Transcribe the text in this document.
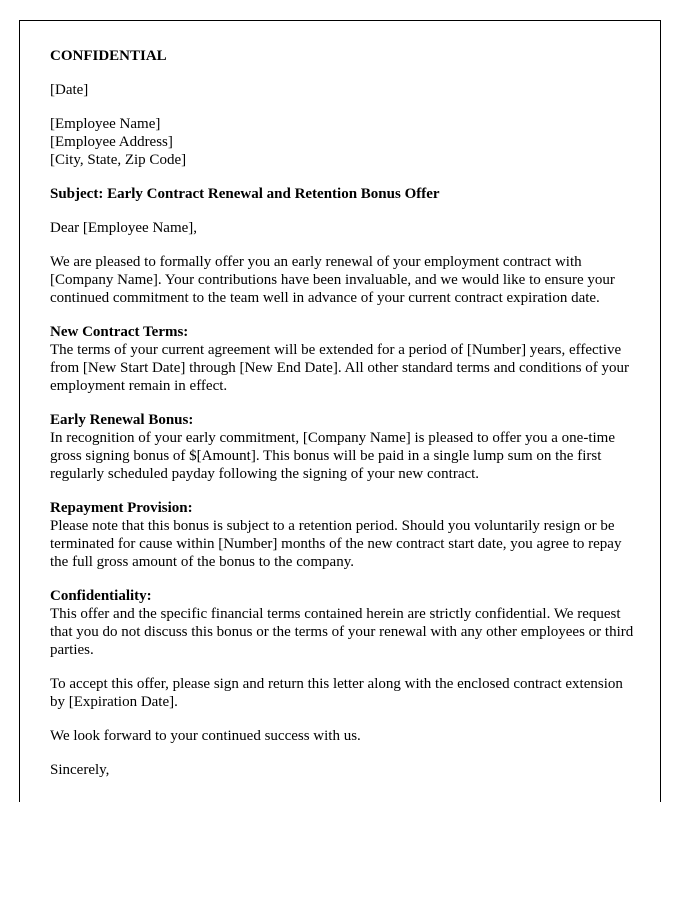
CONFIDENTIAL

[Date]

[Employee Name]
[Employee Address]
[City, State, Zip Code]

Subject: Early Contract Renewal and Retention Bonus Offer

Dear [Employee Name],

We are pleased to formally offer you an early renewal of your employment contract with [Company Name]. Your contributions have been invaluable, and we would like to ensure your continued commitment to the team well in advance of your current contract expiration date.

New Contract Terms:
The terms of your current agreement will be extended for a period of [Number] years, effective from [New Start Date] through [New End Date]. All other standard terms and conditions of your employment remain in effect.
Early Renewal Bonus:
In recognition of your early commitment, [Company Name] is pleased to offer you a one-time gross signing bonus of $[Amount]. This bonus will be paid in a single lump sum on the first regularly scheduled payday following the signing of your new contract.
Repayment Provision:
Please note that this bonus is subject to a retention period. Should you voluntarily resign or be terminated for cause within [Number] months of the new contract start date, you agree to repay the full gross amount of the bonus to the company.
Confidentiality:
This offer and the specific financial terms contained herein are strictly confidential. We request that you do not discuss this bonus or the terms of your renewal with any other employees or third parties.

To accept this offer, please sign and return this letter along with the enclosed contract extension by [Expiration Date].

We look forward to your continued success with us.

Sincerely,
